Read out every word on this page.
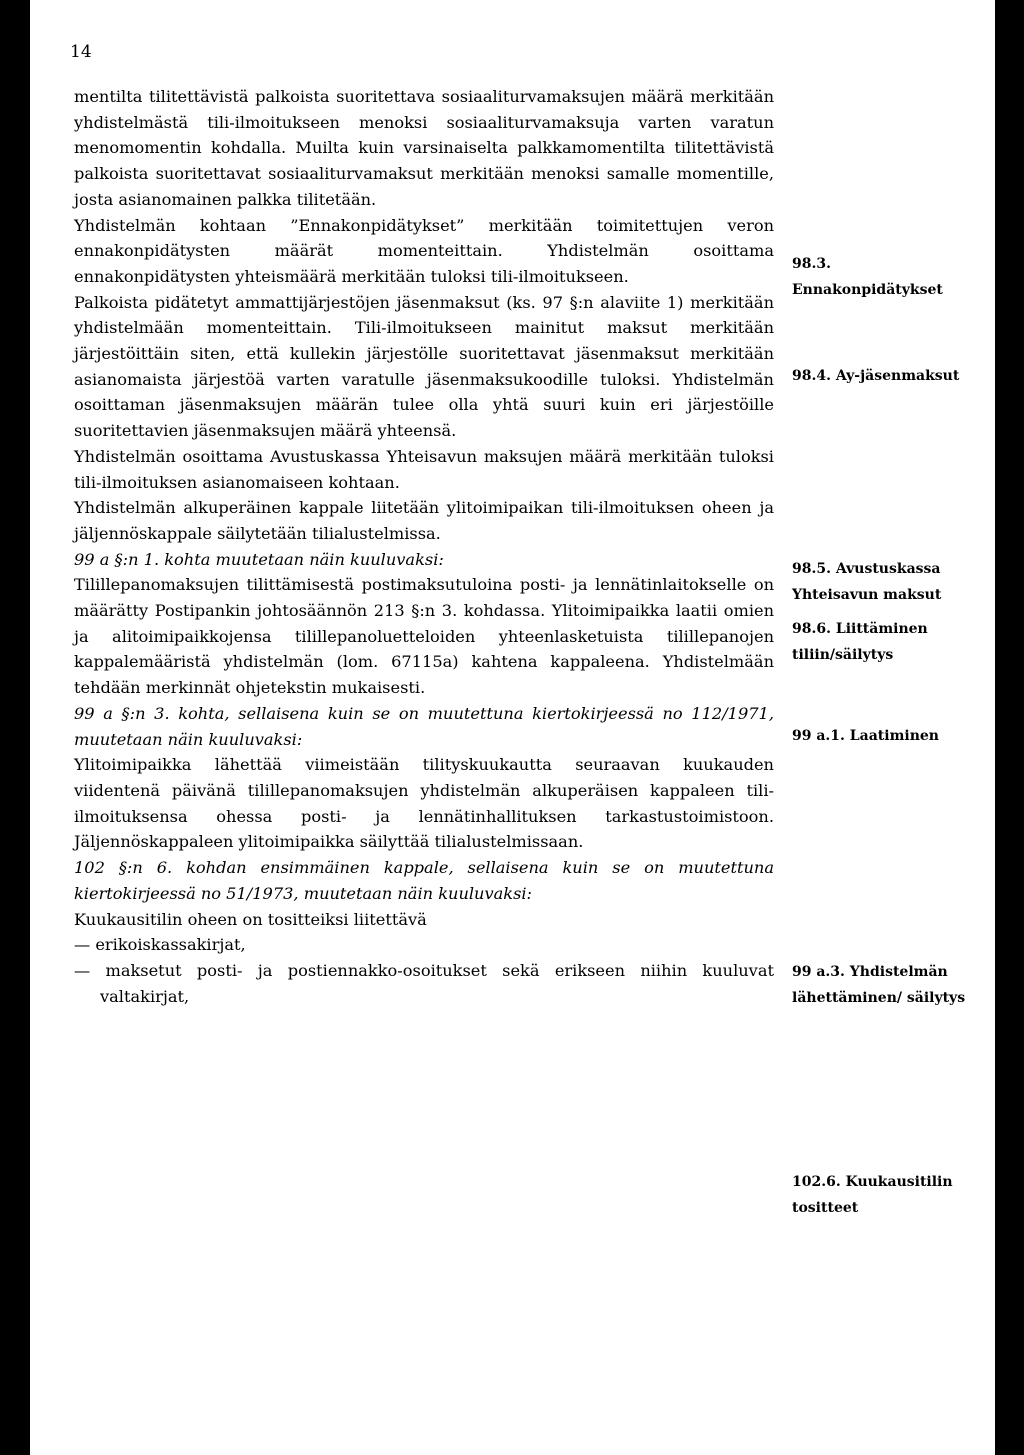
14

mentilta tilitettävistä palkoista suoritettava sosiaaliturvamaksujen määrä merkitään yhdistelmästä tili-ilmoitukseen menoksi sosiaaliturvamaksuja varten varatun menomomentin kohdalla. Muilta kuin varsinaiselta palkkamomentilta tilitettävistä palkoista suoritettavat sosiaaliturvamaksut merkitään menoksi samalle momentille, josta asianomainen palkka tilitetään.

Yhdistelmän kohtaan ”Ennakonpidätykset” merkitään toimitettujen veron ennakonpidätysten määrät momenteittain. Yhdistelmän osoittama ennakonpidätysten yhteismäärä merkitään tuloksi tili-ilmoitukseen.

Palkoista pidätetyt ammattijärjestöjen jäsenmaksut (ks. 97 §:n alaviite 1) merkitään yhdistelmään momenteittain. Tili-ilmoitukseen mainitut maksut merkitään järjestöittäin siten, että kullekin järjestölle suoritettavat jäsenmaksut merkitään asianomaista järjestöä varten varatulle jäsenmaksukoodille tuloksi. Yhdistelmän osoittaman jäsenmaksujen määrän tulee olla yhtä suuri kuin eri järjestöille suoritettavien jäsenmaksujen määrä yhteensä.

Yhdistelmän osoittama Avustuskassa Yhteisavun maksujen määrä merkitään tuloksi tili-ilmoituksen asianomaiseen kohtaan.

Yhdistelmän alkuperäinen kappale liitetään ylitoimipaikan tili-ilmoituksen oheen ja jäljennöskappale säilytetään tilialustelmissa.

99 a §:n 1. kohta muutetaan näin kuuluvaksi:

Tilillepanomaksujen tilittämisestä postimaksutuloina posti- ja lennätinlaitokselle on määrätty Postipankin johtosäännön 213 §:n 3. kohdassa. Ylitoimipaikka laatii omien ja alitoimipaikkojensa tilillepanoluetteloiden yhteenlasketuista tilillepanojen kappalemääristä yhdistelmän (lom. 67115a) kahtena kappaleena. Yhdistelmään tehdään merkinnät ohjetekstin mukaisesti.

99 a §:n 3. kohta, sellaisena kuin se on muutettuna kiertokirjeessä no 112/1971, muutetaan näin kuuluvaksi:

Ylitoimipaikka lähettää viimeistään tilityskuukautta seuraavan kuukauden viidentenä päivänä tilillepanomaksujen yhdistelmän alkuperäisen kappaleen tili-ilmoituksensa ohessa posti- ja lennätinhallituksen tarkastustoimistoon. Jäljennöskappaleen ylitoimipaikka säilyttää tilialustelmissaan.

102 §:n 6. kohdan ensimmäinen kappale, sellaisena kuin se on muutettuna kiertokirjeessä no 51/1973, muutetaan näin kuuluvaksi:

Kuukausitilin oheen on tositteiksi liitettävä

— erikoiskassakirjat,
— maksetut posti- ja postiennakko-osoitukset sekä erikseen niihin kuuluvat valtakirjat,
98.3. Ennakonpidätykset
98.4. Ay-jäsenmaksut
98.5. Avustuskassa Yhteisavun maksut
98.6. Liittäminen tiliin/säilytys
99 a.1. Laatiminen
99 a.3. Yhdistelmän lähettäminen/ säilytys
102.6. Kuukausitilin tositteet
